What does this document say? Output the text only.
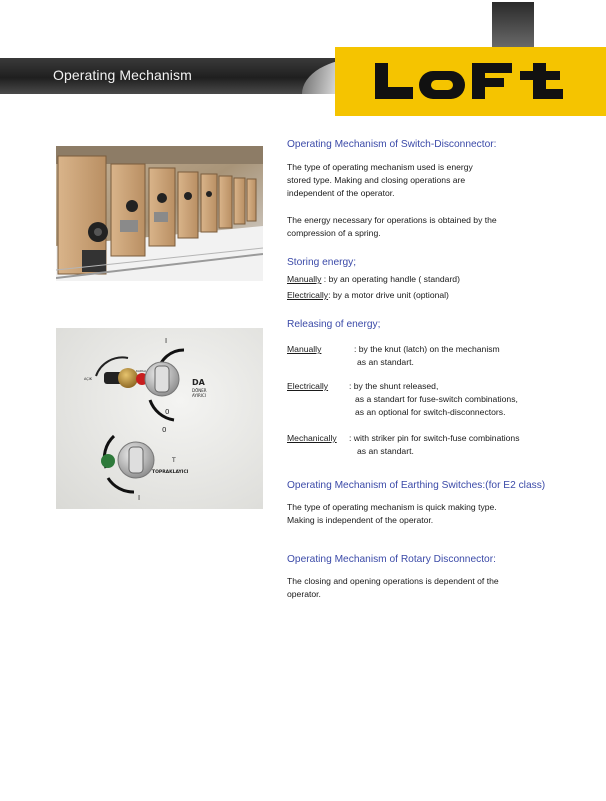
Operating Mechanism
I
0
DA
DÖNER
AYIRICI
AÇIK
KAPALI
0
I
T
TOPRAKLAYICI
Operating Mechanism of Switch-Disconnector:
The type of operating mechanism used is energy
stored type. Making and closing operations are
independent of the operator.
The energy necessary for operations is obtained by the
compression of a spring.
Storing energy;
Manually : by an operating handle ( standard)
Electrically: by a motor drive unit (optional)
Releasing of energy;
Manually	: by the knut (latch) on the mechanism
as an standart.
Electrically : by the shunt released,
as a standart for fuse-switch combinations,
as an optional for switch-disconnectors.
Mechanically : with striker pin for switch-fuse combinations
as an standart.
Operating Mechanism of Earthing Switches:(for E2 class)
The type of operating mechanism is quick making type.
Making is independent of the operator.
Operating Mechanism of Rotary Disconnector:
The closing and opening operations is dependent of the
operator.
